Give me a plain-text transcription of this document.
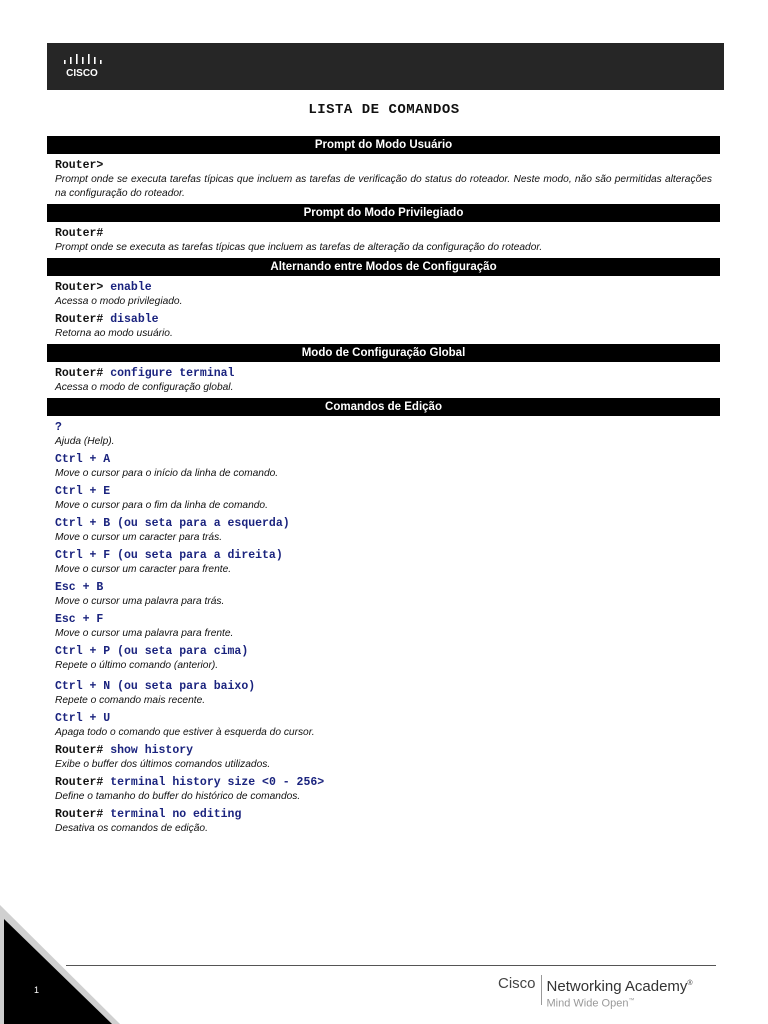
CISCO
LISTA DE COMANDOS
Prompt do Modo Usuário
Router>
Prompt onde se executa tarefas típicas que incluem as tarefas de verificação do status do roteador. Neste modo, não são permitidas alterações na configuração do roteador.
Prompt do Modo Privilegiado
Router#
Prompt onde se executa as tarefas típicas que incluem as tarefas de alteração da configuração do roteador.
Alternando entre Modos de Configuração
Router> enable
Acessa o modo privilegiado.
Router# disable
Retorna ao modo usuário.
Modo de Configuração Global
Router# configure terminal
Acessa o modo de configuração global.
Comandos de Edição
?
Ajuda (Help).
Ctrl + A
Move o cursor para o início da linha de comando.
Ctrl + E
Move o cursor para o fim da linha de comando.
Ctrl + B (ou seta para a esquerda)
Move o cursor um caracter para trás.
Ctrl + F (ou seta para a direita)
Move o cursor um caracter para frente.
Esc + B
Move o cursor uma palavra para trás.
Esc + F
Move o cursor uma palavra para frente.
Ctrl + P (ou seta para cima)
Repete o último comando (anterior).
Ctrl + N (ou seta para baixo)
Repete o comando mais recente.
Ctrl + U
Apaga todo o comando que estiver à esquerda do cursor.
Router# show history
Exibe o buffer dos últimos comandos utilizados.
Router# terminal history size <0 - 256>
Define o tamanho do buffer do histórico de comandos.
Router# terminal no editing
Desativa os comandos de edição.
1	Cisco Networking Academy®
Mind Wide Open™
